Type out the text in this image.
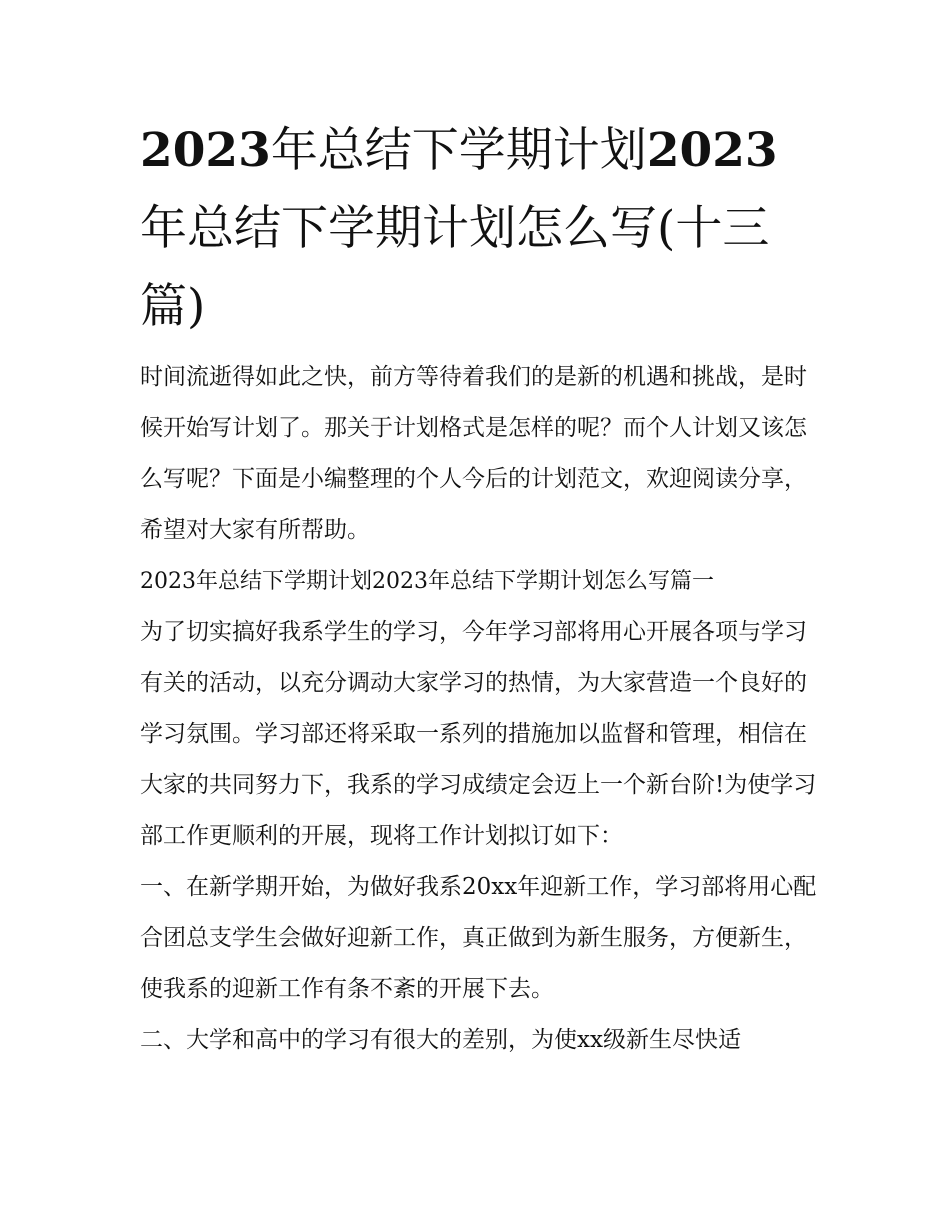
2023年总结下学期计划2023年总结下学期计划怎么写(十三篇)

时间流逝得如此之快，前方等待着我们的是新的机遇和挑战，是时候开始写计划了。那关于计划格式是怎样的呢？而个人计划又该怎么写呢？下面是小编整理的个人今后的计划范文，欢迎阅读分享，希望对大家有所帮助。

2023年总结下学期计划2023年总结下学期计划怎么写篇一

为了切实搞好我系学生的学习，今年学习部将用心开展各项与学习有关的活动，以充分调动大家学习的热情，为大家营造一个良好的学习氛围。学习部还将采取一系列的措施加以监督和管理，相信在大家的共同努力下，我系的学习成绩定会迈上一个新台阶!为使学习部工作更顺利的开展，现将工作计划拟订如下：

一、在新学期开始，为做好我系20xx年迎新工作，学习部将用心配合团总支学生会做好迎新工作，真正做到为新生服务，方便新生，使我系的迎新工作有条不紊的开展下去。

二、大学和高中的学习有很大的差别，为使xx级新生尽快适
